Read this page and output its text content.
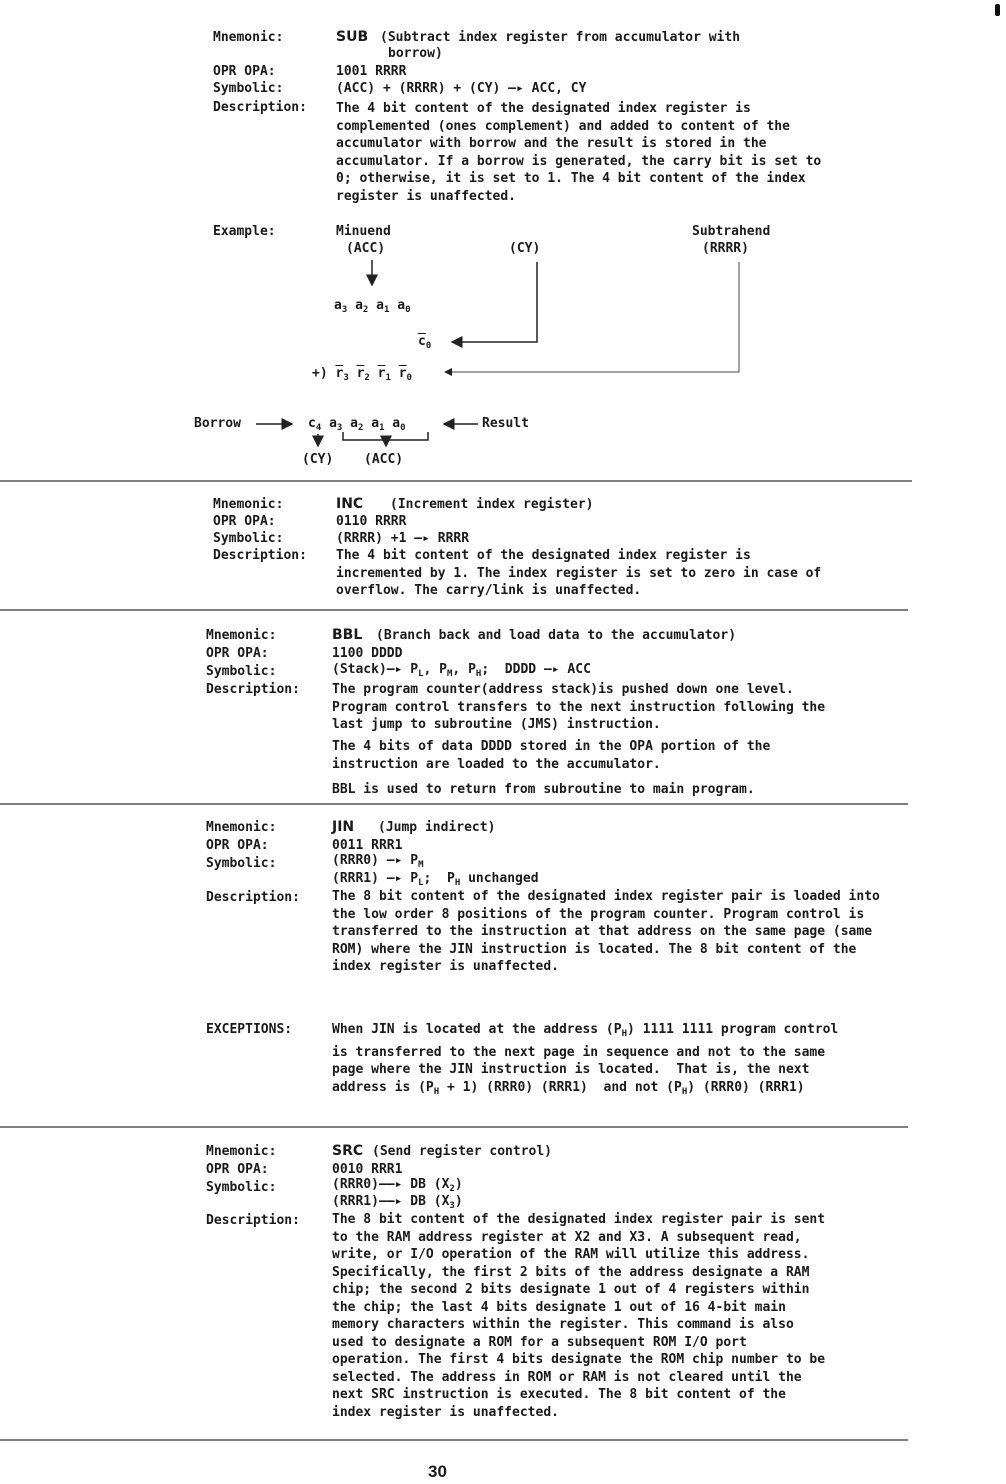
Mnemonic:	SUB (Subtract index register from accumulator with
borrow)
OPR OPA:	1001 RRRR
Symbolic:	(ACC) + (RRRR) + (CY) —▸ ACC, CY
Description: The 4 bit content of the designated index register is complemented (ones complement) and added to content of the accumulator with borrow and the result is stored in the accumulator. If a borrow is generated, the carry bit is set to 0; otherwise, it is set to 1. The 4 bit content of the index register is unaffected.
Example:	Minuend
(ACC)	(CY)
Subtrahend
(RRRR)
$a_3$ $a_2$ $a_1$ $a_0$
$\overline{c}_0$
+) $\overline{r}_3$ $\overline{r}_2$ $\overline{r}_1$ $\overline{r}_0$
Borrow	$c_4$ $a_3$ $a_2$ $a_1$ $a_0$	Result
(CY) (ACC)
Mnemonic:	INC (Increment index register)
OPR OPA:	0110 RRRR
Symbolic:	(RRRR) +1 —▸ RRRR
Description: The 4 bit content of the designated index register is incremented by 1. The index register is set to zero in case of overflow. The carry/link is unaffected.
Mnemonic:	BBL (Branch back and load data to the accumulator)
OPR OPA:	1100 DDDD
Symbolic:	(Stack)—▸ $P_L$, $P_M$, $P_H$;  DDDD —▸ ACC
Description: The program counter(address stack)is pushed down one level. Program control transfers to the next instruction following the last jump to subroutine (JMS) instruction.
The 4 bits of data DDDD stored in the OPA portion of the instruction are loaded to the accumulator.
BBL is used to return from subroutine to main program.
Mnemonic:	JIN (Jump indirect)
OPR OPA:	0011 RRR1
Symbolic:	(RRR0) —▸ $P_M$
(RRR1) —▸ $P_L$;  $P_H$ unchanged
Description: The 8 bit content of the designated index register pair is loaded into the low order 8 positions of the program counter. Program control is transferred to the instruction at that address on the same page (same ROM) where the JIN instruction is located. The 8 bit content of the index register is unaffected.
EXCEPTIONS:	When JIN is located at the address $(P_H)$ 1111 1111 program control is transferred to the next page in sequence and not to the same page where the JIN instruction is located.  That is, the next address is $(P_H + 1)$ (RRR0) (RRR1)  and not $(P_H)$ (RRR0) (RRR1)
Mnemonic:	SRC (Send register control)
OPR OPA:	0010 RRR1
Symbolic:	(RRR0)——▸ DB $(X_2)$
(RRR1)——▸ DB $(X_3)$
Description: The 8 bit content of the designated index register pair is sent to the RAM address register at X2 and X3. A subsequent read, write, or I/O operation of the RAM will utilize this address. Specifically, the first 2 bits of the address designate a RAM chip; the second 2 bits designate 1 out of 4 registers within the chip; the last 4 bits designate 1 out of 16 4-bit main memory characters within the register. This command is also used to designate a ROM for a subsequent ROM I/O port operation. The first 4 bits designate the ROM chip number to be selected. The address in ROM or RAM is not cleared until the next SRC instruction is executed. The 8 bit content of the index register is unaffected.
30
